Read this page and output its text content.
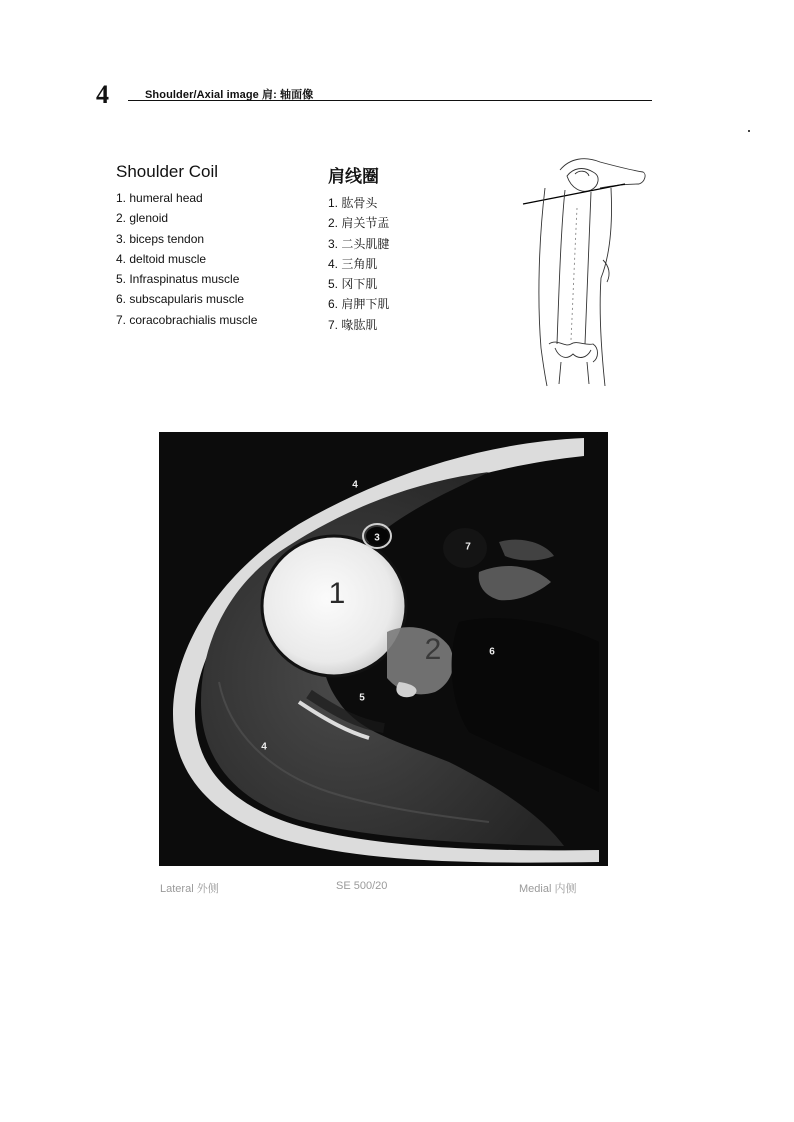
4	Shoulder/Axial image 肩: 轴面像
Shoulder Coil
1. humeral head
2. glenoid
3. biceps tendon
4. deltoid muscle
5. Infraspinatus muscle
6. subscapularis muscle
7. coracobrachialis muscle
肩线圈
1. 肱骨头
2. 肩关节盂
3. 二头肌腱
4. 三角肌
5. 冈下肌
6. 肩胛下肌
7. 喙肱肌
4
3
7
1
2	6
5
4
Lateral 外侧	SE 500/20	Medial 内侧
